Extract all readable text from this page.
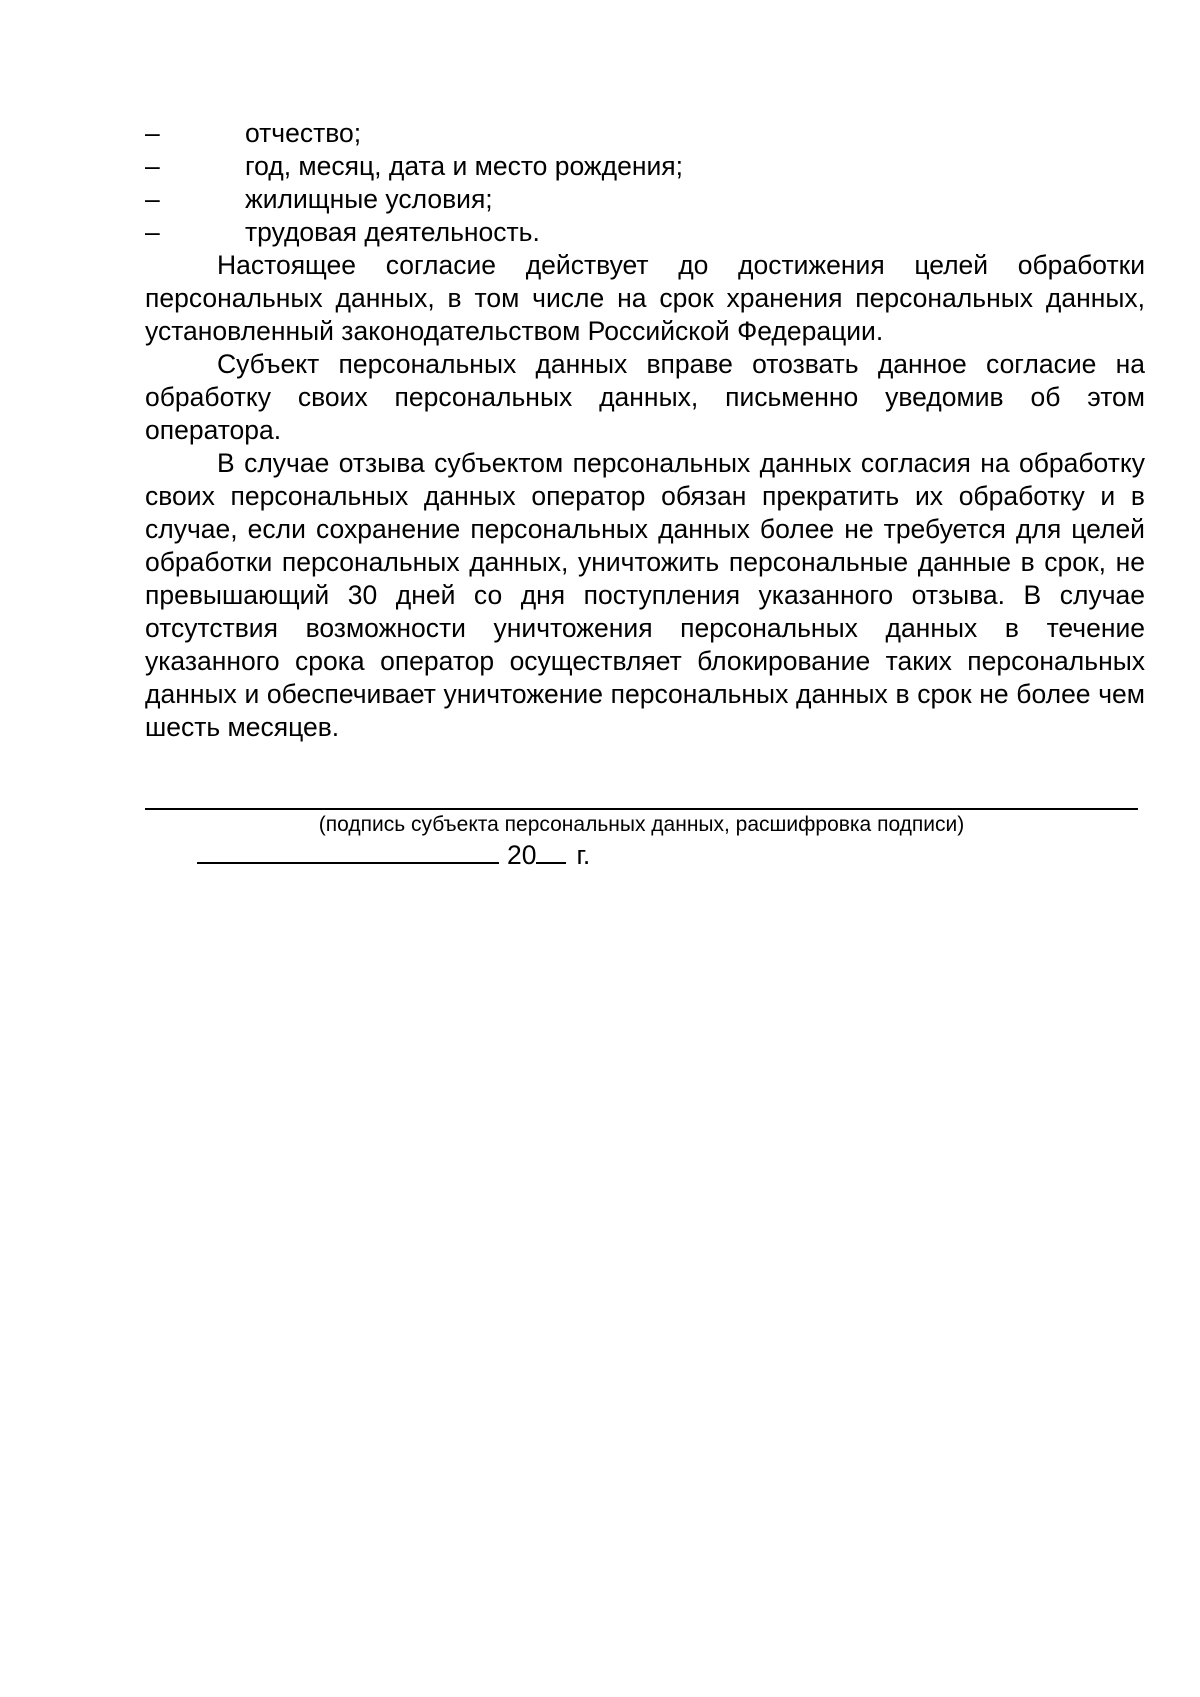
–	отчество;
–	год, месяц, дата и место рождения;
–	жилищные условия;
–	трудовая деятельность.

Настоящее согласие действует до достижения целей обработки персональных данных, в том числе на срок хранения персональных данных, установленный законодательством Российской Федерации.

Субъект персональных данных вправе отозвать данное согласие на обработку своих персональных данных, письменно уведомив об этом оператора.

В случае отзыва субъектом персональных данных согласия на обработку своих персональных данных оператор обязан прекратить их обработку и в случае, если сохранение персональных данных более не требуется для целей обработки персональных данных, уничтожить персональные данные в срок, не превышающий 30 дней со дня поступления указанного отзыва. В случае отсутствия возможности уничтожения персональных данных в течение указанного срока оператор осуществляет блокирование таких персональных данных и обеспечивает уничтожение персональных данных в срок не более чем шесть месяцев.

(подпись субъекта персональных данных, расшифровка подписи)
20 г.
